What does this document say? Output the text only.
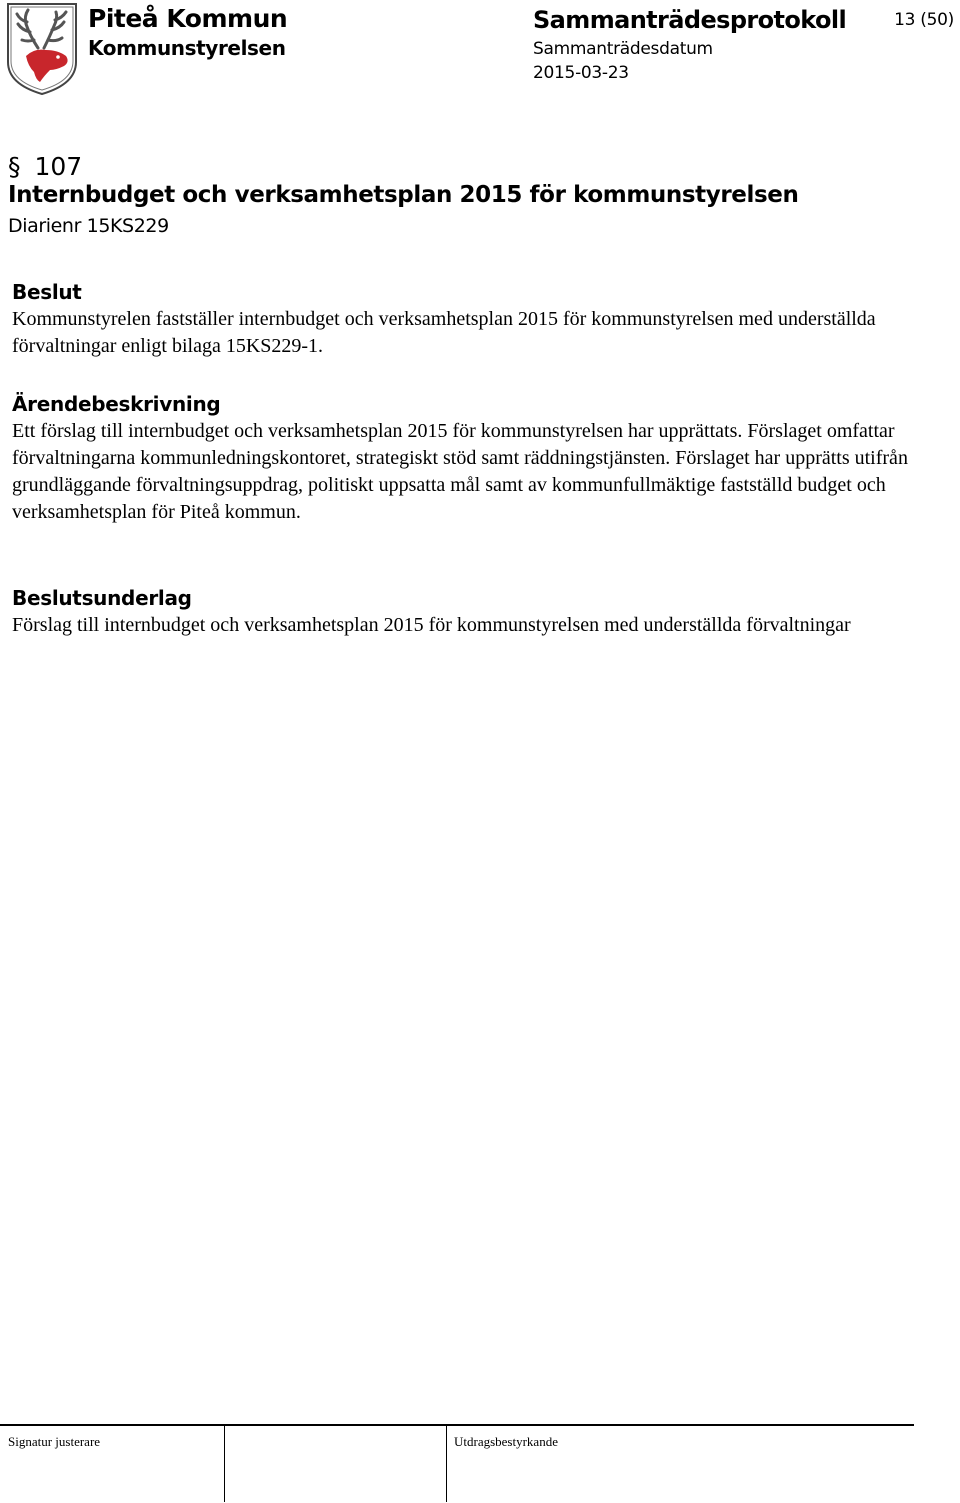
Piteå Kommun
Kommunstyrelsen
Sammanträdesprotokoll
Sammanträdesdatum
2015-03-23
13 (50)
§ 107
Internbudget och verksamhetsplan 2015 för kommunstyrelsen
Diarienr 15KS229
Beslut

Kommunstyrelen fastställer internbudget och verksamhetsplan 2015 för kommunstyrelsen med underställda förvaltningar enligt bilaga 15KS229-1.

Ärendebeskrivning

Ett förslag till internbudget och verksamhetsplan 2015 för kommunstyrelsen har upprättats. Förslaget omfattar förvaltningarna kommunledningskontoret, strategiskt stöd samt räddningstjänsten. Förslaget har upprätts utifrån grundläggande förvaltningsuppdrag, politiskt uppsatta mål samt av kommunfullmäktige fastställd budget och verksamhetsplan för Piteå kommun.

Beslutsunderlag

Förslag till internbudget och verksamhetsplan 2015 för kommunstyrelsen med underställda förvaltningar

Signatur justerare	Utdragsbestyrkande
